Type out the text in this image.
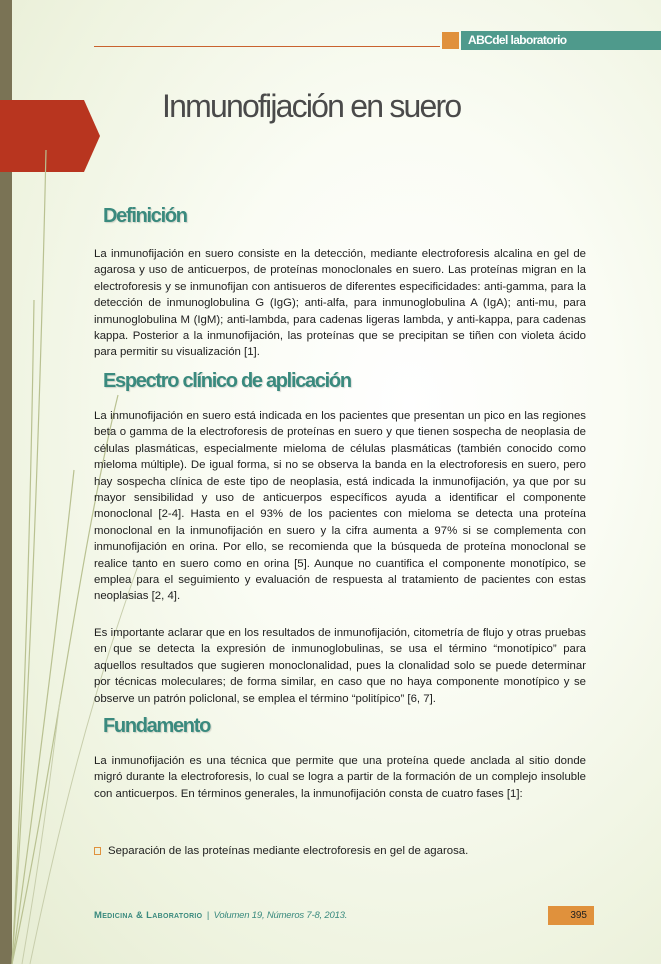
ABCdel laboratorio
Inmunofijación en suero
Definición

La inmunofijación en suero consiste en la detección, mediante electroforesis alcalina en gel de agarosa y uso de anticuerpos, de proteínas monoclonales en suero. Las proteínas migran en la electroforesis y se inmunofijan con antisueros de diferentes especificidades: anti-gamma, para la detección de inmunoglobulina G (IgG); anti-alfa, para inmunoglobulina A (IgA); anti-mu, para inmunoglobulina M (IgM); anti-lambda, para cadenas ligeras lambda, y anti-kappa, para cadenas kappa. Posterior a la inmunofijación, las proteínas que se precipitan se tiñen con violeta ácido para permitir su visualización [1].

Espectro clínico de aplicación

La inmunofijación en suero está indicada en los pacientes que presentan un pico en las regiones beta o gamma de la electroforesis de proteínas en suero y que tienen sospecha de neoplasia de células plasmáticas, especialmente mieloma de células plasmáticas (también conocido como mieloma múltiple). De igual forma, si no se observa la banda en la electroforesis en suero, pero hay sospecha clínica de este tipo de neoplasia, está indicada la inmunofijación, ya que por su mayor sensibilidad y uso de anticuerpos específicos ayuda a identificar el componente monoclonal [2-4]. Hasta en el 93% de los pacientes con mieloma se detecta una proteína monoclonal en la inmunofijación en suero y la cifra aumenta a 97% si se complementa con inmunofijación en orina. Por ello, se recomienda que la búsqueda de proteína monoclonal se realice tanto en suero como en orina [5]. Aunque no cuantifica el componente monotípico, se emplea para el seguimiento y evaluación de respuesta al tratamiento de pacientes con estas neoplasias [2, 4].

Es importante aclarar que en los resultados de inmunofijación, citometría de flujo y otras pruebas en que se detecta la expresión de inmunoglobulinas, se usa el término “monotípico” para aquellos resultados que sugieren monoclonalidad, pues la clonalidad solo se puede determinar por técnicas moleculares; de forma similar, en caso que no haya componente monotípico y se observe un patrón policlonal, se emplea el término “politípico” [6, 7].

Fundamento

La inmunofijación es una técnica que permite que una proteína quede anclada al sitio donde migró durante la electroforesis, lo cual se logra a partir de la formación de un complejo insoluble con anticuerpos. En términos generales, la inmunofijación consta de cuatro fases [1]:

Separación de las proteínas mediante electroforesis en gel de agarosa.
Medicina & Laboratorio | Volumen 19, Números 7-8, 2013.	395
